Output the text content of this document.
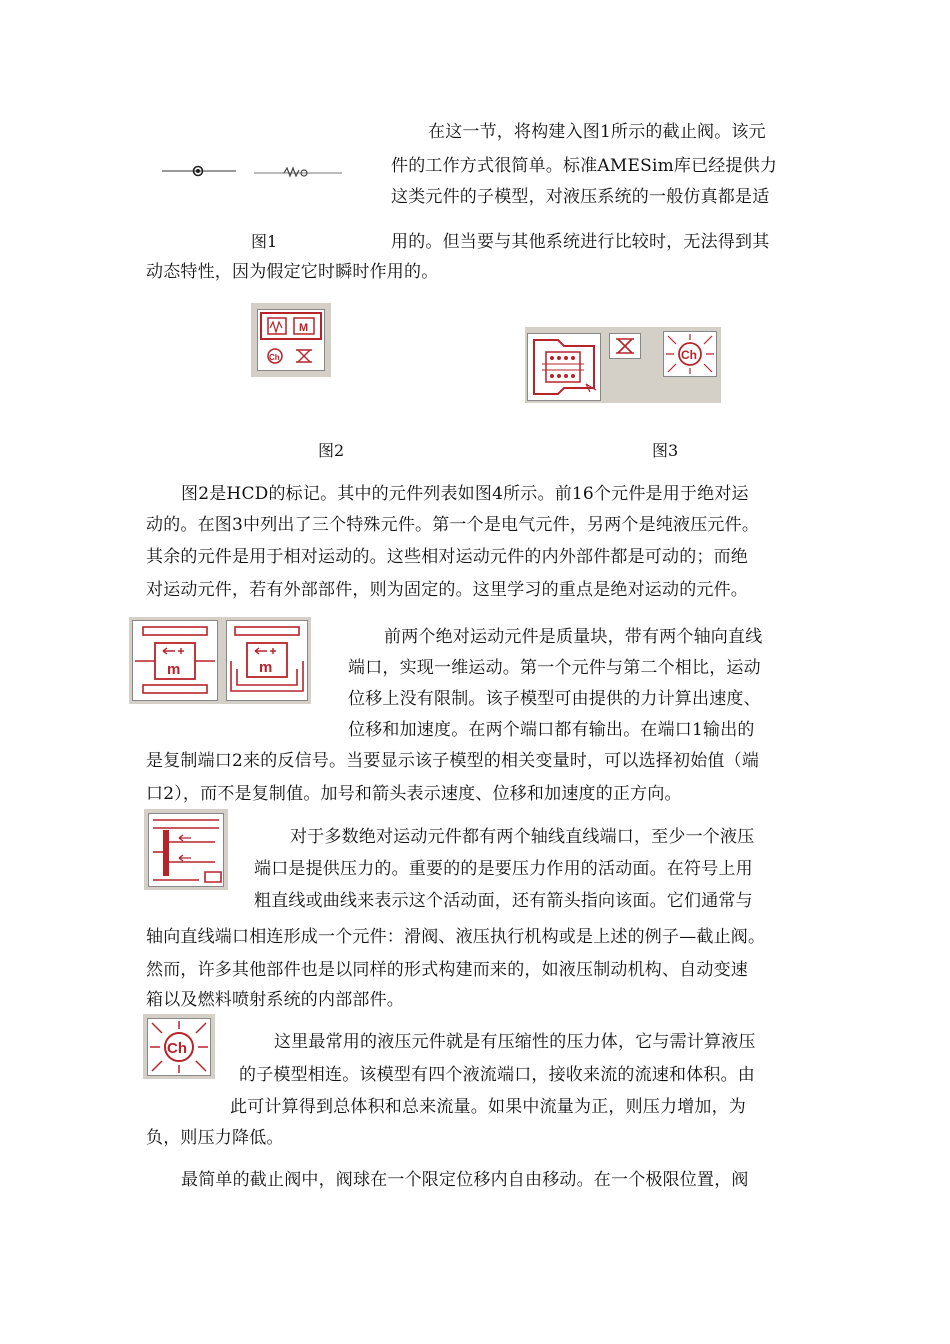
图1
在这一节，将构建入图1所示的截止阀。该元
件的工作方式很简单。标准AMESim库已经提供力
这类元件的子模型，对液压系统的一般仿真都是适
用的。但当要与其他系统进行比较时，无法得到其
动态特性，因为假定它时瞬时作用的。
M
Ch
图2
Ch
图3
图2是HCD的标记。其中的元件列表如图4所示。前16个元件是用于绝对运
动的。在图3中列出了三个特殊元件。第一个是电气元件，另两个是纯液压元件。
其余的元件是用于相对运动的。这些相对运动元件的内外部件都是可动的；而绝
对运动元件，若有外部部件，则为固定的。这里学习的重点是绝对运动的元件。
m	m
前两个绝对运动元件是质量块，带有两个轴向直线
端口，实现一维运动。第一个元件与第二个相比，运动
位移上没有限制。该子模型可由提供的力计算出速度、
位移和加速度。在两个端口都有输出。在端口1输出的
是复制端口2来的反信号。当要显示该子模型的相关变量时，可以选择初始值（端
口2），而不是复制值。加号和箭头表示速度、位移和加速度的正方向。
对于多数绝对运动元件都有两个轴线直线端口，至少一个液压
端口是提供压力的。重要的的是要压力作用的活动面。在符号上用
粗直线或曲线来表示这个活动面，还有箭头指向该面。它们通常与
轴向直线端口相连形成一个元件：滑阀、液压执行机构或是上述的例子—截止阀。
然而，许多其他部件也是以同样的形式构建而来的，如液压制动机构、自动变速
箱以及燃料喷射系统的内部部件。
Ch	这里最常用的液压元件就是有压缩性的压力体，它与需计算液压
的子模型相连。该模型有四个液流端口，接收来流的流速和体积。由
此可计算得到总体积和总来流量。如果中流量为正，则压力增加，为
负，则压力降低。
最简单的截止阀中，阀球在一个限定位移内自由移动。在一个极限位置，阀
